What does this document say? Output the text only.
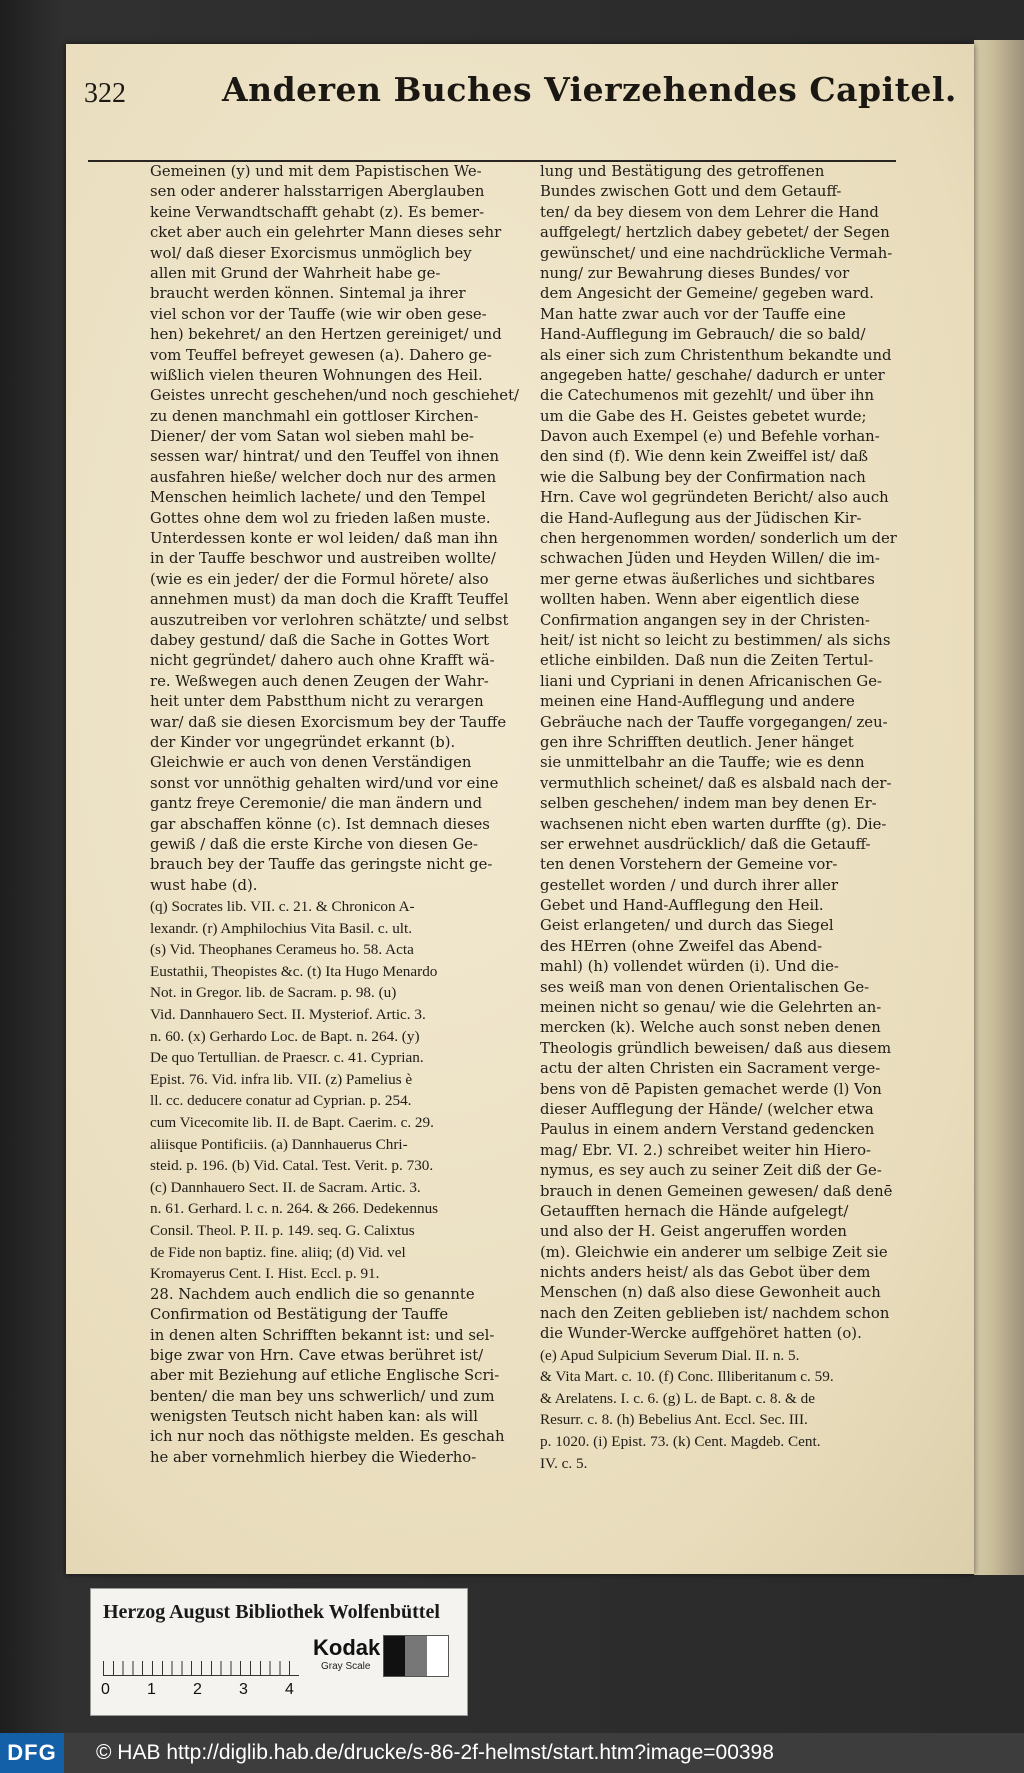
322	Anderen Buches Vierzehendes Capitel.
Gemeinen (y) und mit dem Papistischen We-
sen oder anderer halsstarrigen Aberglauben
keine Verwandtschafft gehabt (z). Es bemer-
cket aber auch ein gelehrter Mann dieses sehr
wol/ daß dieser Exorcismus unmöglich bey
allen mit Grund der Wahrheit habe ge-
braucht werden können. Sintemal ja ihrer
viel schon vor der Tauffe (wie wir oben gese-
hen) bekehret/ an den Hertzen gereiniget/ und
vom Teuffel befreyet gewesen (a). Dahero ge-
wißlich vielen theuren Wohnungen des Heil.
Geistes unrecht geschehen/und noch geschiehet/
zu denen manchmahl ein gottloser Kirchen-
Diener/ der vom Satan wol sieben mahl be-
sessen war/ hintrat/ und den Teuffel von ihnen
ausfahren hieße/ welcher doch nur des armen
Menschen heimlich lachete/ und den Tempel
Gottes ohne dem wol zu frieden laßen muste.
Unterdessen konte er wol leiden/ daß man ihn
in der Tauffe beschwor und austreiben wollte/
(wie es ein jeder/ der die Formul hörete/ also
annehmen must) da man doch die Krafft Teuffel
auszutreiben vor verlohren schätzte/ und selbst
dabey gestund/ daß die Sache in Gottes Wort
nicht gegründet/ dahero auch ohne Krafft wä-
re. Weßwegen auch denen Zeugen der Wahr-
heit unter dem Pabstthum nicht zu verargen
war/ daß sie diesen Exorcismum bey der Tauffe
der Kinder vor ungegründet erkannt (b).
Gleichwie er auch von denen Verständigen
sonst vor unnöthig gehalten wird/und vor eine
gantz freye Ceremonie/ die man ändern und
gar abschaffen könne (c). Ist demnach dieses
gewiß / daß die erste Kirche von diesen Ge-
brauch bey der Tauffe das geringste nicht ge-
wust habe (d).
(q) Socrates lib. VII. c. 21. & Chronicon A-
lexandr. (r) Amphilochius Vita Basil. c. ult.
(s) Vid. Theophanes Cerameus ho. 58. Acta
Eustathii, Theopistes &c. (t) Ita Hugo Menardo
Not. in Gregor. lib. de Sacram. p. 98. (u)
Vid. Dannhauero Sect. II. Mysteriof. Artic. 3.
n. 60. (x) Gerhardo Loc. de Bapt. n. 264. (y)
De quo Tertullian. de Praescr. c. 41. Cyprian.
Epist. 76. Vid. infra lib. VII. (z) Pamelius è
ll. cc. deducere conatur ad Cyprian. p. 254.
cum Vicecomite lib. II. de Bapt. Caerim. c. 29.
aliisque Pontificiis. (a) Dannhauerus Chri-
steid. p. 196. (b) Vid. Catal. Test. Verit. p. 730.
(c) Dannhauero Sect. II. de Sacram. Artic. 3.
n. 61. Gerhard. l. c. n. 264. & 266. Dedekennus
Consil. Theol. P. II. p. 149. seq. G. Calixtus
de Fide non baptiz. fine. aliiq; (d) Vid. vel
Kromayerus Cent. I. Hist. Eccl. p. 91.
28. Nachdem auch endlich die so genannte
Confirmation od Bestätigung der Tauffe
in denen alten Schrifften bekannt ist: und sel-
bige zwar von Hrn. Cave etwas berühret ist/
aber mit Beziehung auf etliche Englische Scri-
benten/ die man bey uns schwerlich/ und zum
wenigsten Teutsch nicht haben kan: als will
ich nur noch das nöthigste melden. Es geschah
he aber vornehmlich hierbey die Wiederho-
lung und Bestätigung des getroffenen
Bundes zwischen Gott und dem Getauff-
ten/ da bey diesem von dem Lehrer die Hand
auffgelegt/ hertzlich dabey gebetet/ der Segen
gewünschet/ und eine nachdrückliche Vermah-
nung/ zur Bewahrung dieses Bundes/ vor
dem Angesicht der Gemeine/ gegeben ward.
Man hatte zwar auch vor der Tauffe eine
Hand-Aufflegung im Gebrauch/ die so bald/
als einer sich zum Christenthum bekandte und
angegeben hatte/ geschahe/ dadurch er unter
die Catechumenos mit gezehlt/ und über ihn
um die Gabe des H. Geistes gebetet wurde;
Davon auch Exempel (e) und Befehle vorhan-
den sind (f). Wie denn kein Zweiffel ist/ daß
wie die Salbung bey der Confirmation nach
Hrn. Cave wol gegründeten Bericht/ also auch
die Hand-Auflegung aus der Jüdischen Kir-
chen hergenommen worden/ sonderlich um der
schwachen Jüden und Heyden Willen/ die im-
mer gerne etwas äußerliches und sichtbares
wollten haben. Wenn aber eigentlich diese
Confirmation angangen sey in der Christen-
heit/ ist nicht so leicht zu bestimmen/ als sichs
etliche einbilden. Daß nun die Zeiten Tertul-
liani und Cypriani in denen Africanischen Ge-
meinen eine Hand-Aufflegung und andere
Gebräuche nach der Tauffe vorgegangen/ zeu-
gen ihre Schrifften deutlich. Jener hänget
sie unmittelbahr an die Tauffe; wie es denn
vermuthlich scheinet/ daß es alsbald nach der-
selben geschehen/ indem man bey denen Er-
wachsenen nicht eben warten durffte (g). Die-
ser erwehnet ausdrücklich/ daß die Getauff-
ten denen Vorstehern der Gemeine vor-
gestellet worden / und durch ihrer aller
Gebet und Hand-Aufflegung den Heil.
Geist erlangeten/ und durch das Siegel
des HErren (ohne Zweifel das Abend-
mahl) (h) vollendet würden (i). Und die-
ses weiß man von denen Orientalischen Ge-
meinen nicht so genau/ wie die Gelehrten an-
mercken (k). Welche auch sonst neben denen
Theologis gründlich beweisen/ daß aus diesem
actu der alten Christen ein Sacrament verge-
bens von dē Papisten gemachet werde (l) Von
dieser Aufflegung der Hände/ (welcher etwa
Paulus in einem andern Verstand gedencken
mag/ Ebr. VI. 2.) schreibet weiter hin Hiero-
nymus, es sey auch zu seiner Zeit diß der Ge-
brauch in denen Gemeinen gewesen/ daß denē
Getaufften hernach die Hände aufgelegt/
und also der H. Geist angeruffen worden
(m). Gleichwie ein anderer um selbige Zeit sie
nichts anders heist/ als das Gebot über dem
Menschen (n) daß also diese Gewonheit auch
nach den Zeiten geblieben ist/ nachdem schon
die Wunder-Wercke auffgehöret hatten (o).
(e) Apud Sulpicium Severum Dial. II. n. 5.
& Vita Mart. c. 10. (f) Conc. Illiberitanum c. 59.
& Arelatens. I. c. 6. (g) L. de Bapt. c. 8. & de
Resurr. c. 8. (h) Bebelius Ant. Eccl. Sec. III.
p. 1020. (i) Epist. 73. (k) Cent. Magdeb. Cent.
IV. c. 5.
Herzog August Bibliothek Wolfenbüttel
0 1 2 3 4
Kodak
Gray Scale
DFG	© HAB http://diglib.hab.de/drucke/s-86-2f-helmst/start.htm?image=00398
